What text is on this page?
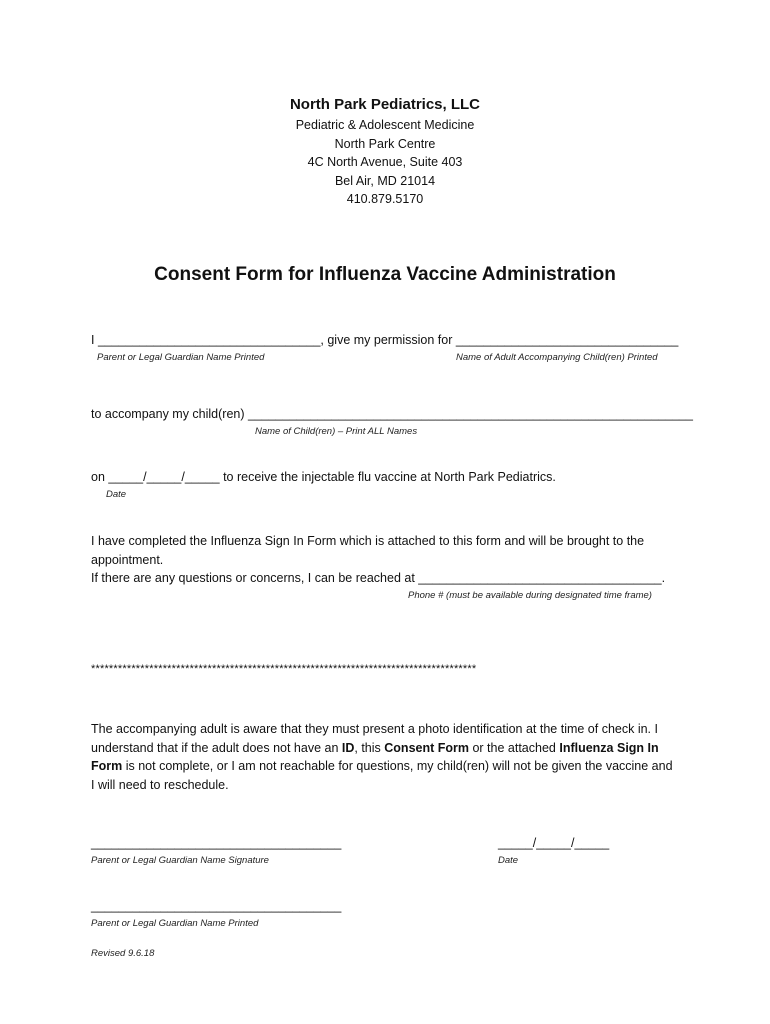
North Park Pediatrics, LLC
Pediatric & Adolescent Medicine
North Park Centre
4C North Avenue, Suite 403
Bel Air, MD 21014
410.879.5170
Consent Form for Influenza Vaccine Administration
I ________________________________, give my permission for ________________________________
Parent or Legal Guardian Name Printed	Name of Adult Accompanying Child(ren) Printed
to accompany my child(ren) ________________________________________________________________
Name of Child(ren) – Print ALL Names
on _____/_____/_____ to receive the injectable flu vaccine at North Park Pediatrics.
Date
I have completed the Influenza Sign In Form which is attached to this form and will be brought to the appointment.
If there are any questions or concerns, I can be reached at ___________________________________.
Phone # (must be available during designated time frame)
**************************************************************************************
The accompanying adult is aware that they must present a photo identification at the time of check in. I understand that if the adult does not have an ID, this Consent Form or the attached Influenza Sign In Form is not complete, or I am not reachable for questions, my child(ren) will not be given the vaccine and I will need to reschedule.
____________________________________
Parent or Legal Guardian Name Signature
_____/_____/_____
Date
____________________________________
Parent or Legal Guardian Name Printed
Revised 9.6.18
